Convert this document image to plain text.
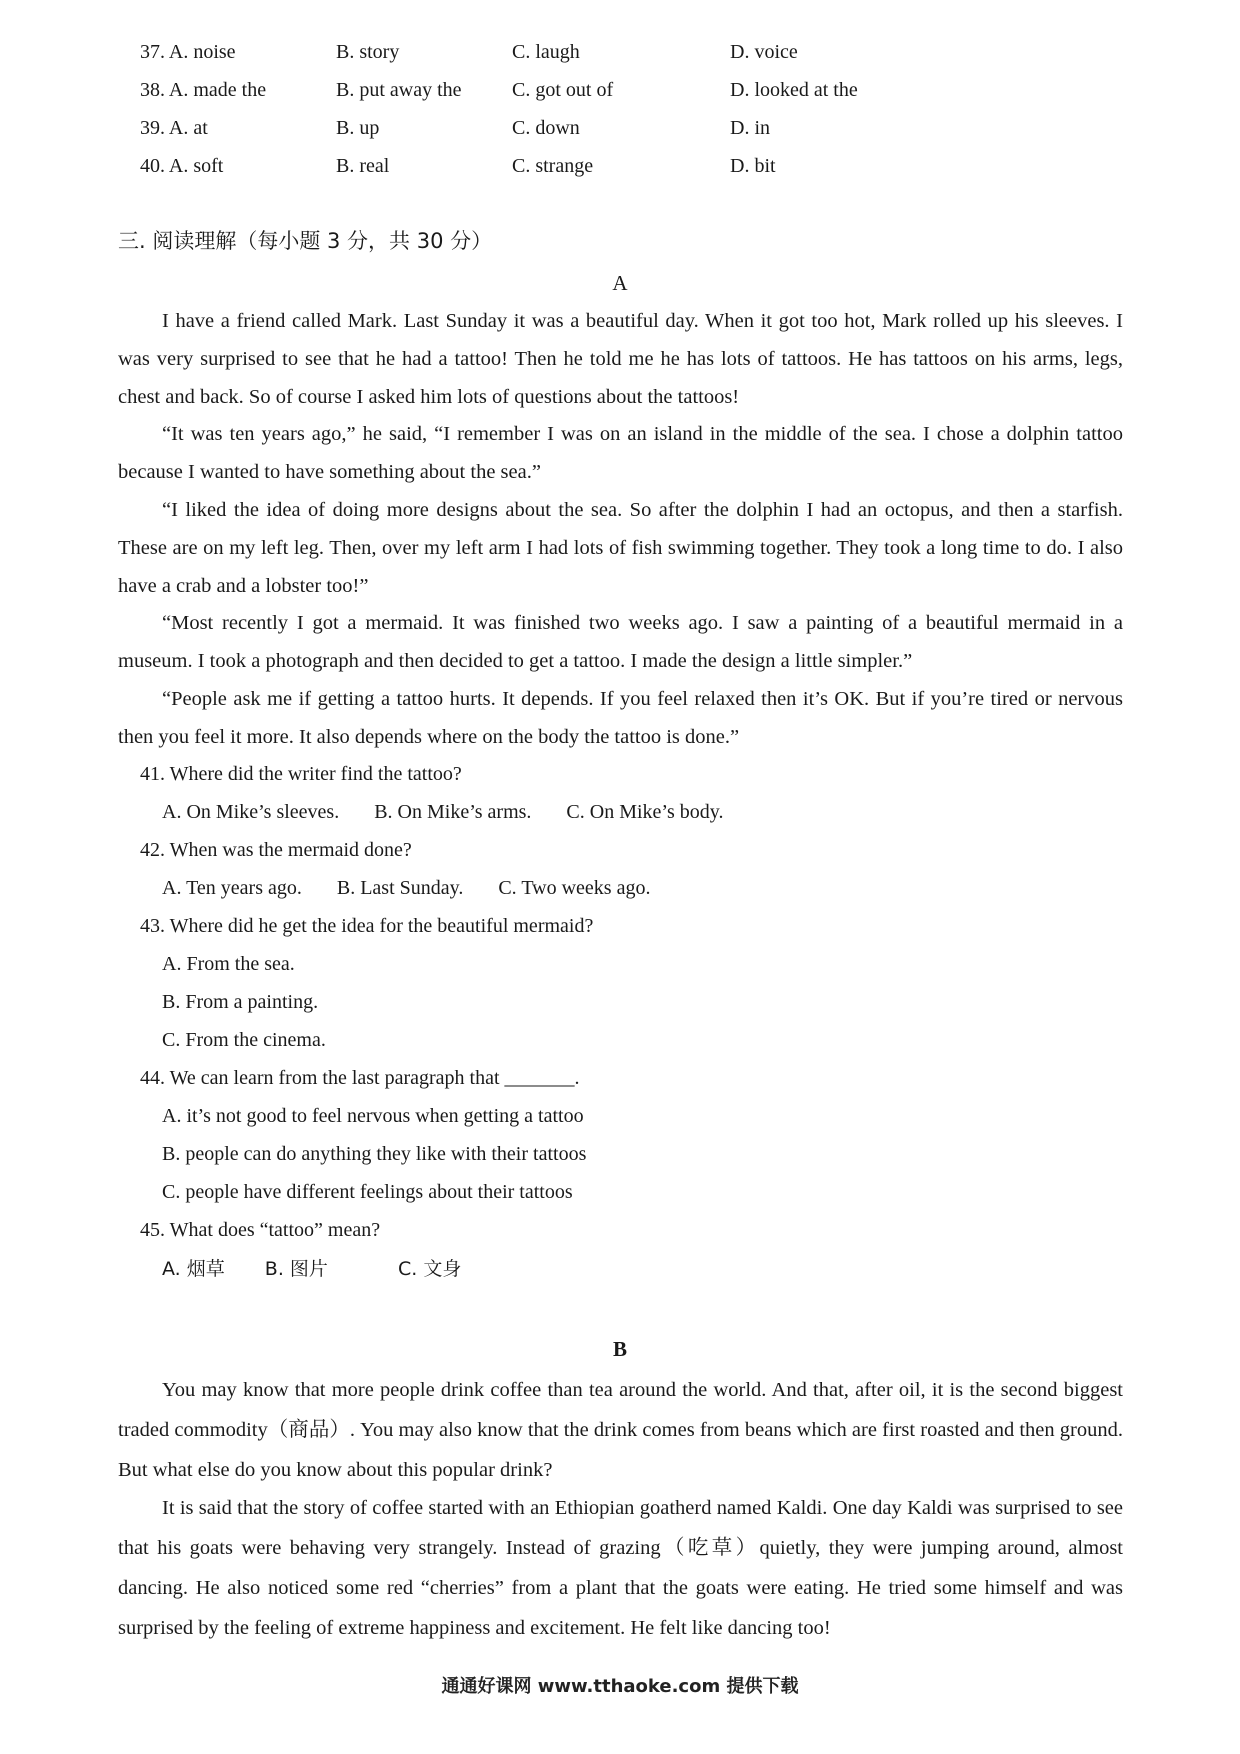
37. A. noise	B. story	C. laugh	D. voice
38. A. made the	B. put away the	C. got out of	D. looked at the
39. A. at	B. up	C. down	D. in
40. A. soft	B. real	C. strange	D. bit
三. 阅读理解（每小题 3 分，共 30 分）
A
I have a friend called Mark. Last Sunday it was a beautiful day. When it got too hot, Mark rolled up his sleeves. I was very surprised to see that he had a tattoo! Then he told me he has lots of tattoos. He has tattoos on his arms, legs, chest and back. So of course I asked him lots of questions about the tattoos!
“It was ten years ago,” he said, “I remember I was on an island in the middle of the sea. I chose a dolphin tattoo because I wanted to have something about the sea.”
“I liked the idea of doing more designs about the sea. So after the dolphin I had an octopus, and then a starfish. These are on my left leg. Then, over my left arm I had lots of fish swimming together. They took a long time to do. I also have a crab and a lobster too!”
“Most recently I got a mermaid. It was finished two weeks ago. I saw a painting of a beautiful mermaid in a museum. I took a photograph and then decided to get a tattoo. I made the design a little simpler.”
“People ask me if getting a tattoo hurts. It depends. If you feel relaxed then it’s OK. But if you’re tired or nervous then you feel it more. It also depends where on the body the tattoo is done.”
41. Where did the writer find the tattoo?
A. On Mike’s sleeves. B. On Mike’s arms. C. On Mike’s body.
42. When was the mermaid done?
A. Ten years ago. B. Last Sunday. C. Two weeks ago.
43. Where did he get the idea for the beautiful mermaid?
A. From the sea.
B. From a painting.
C. From the cinema.
44. We can learn from the last paragraph that _______.
A. it’s not good to feel nervous when getting a tattoo
B. people can do anything they like with their tattoos
C. people have different feelings about their tattoos
45. What does “tattoo” mean?
A. 烟草 B. 图片	C. 文身
B
You may know that more people drink coffee than tea around the world. And that, after oil, it is the second biggest traded commodity（商品）. You may also know that the drink comes from beans which are first roasted and then ground. But what else do you know about this popular drink?
It is said that the story of coffee started with an Ethiopian goatherd named Kaldi. One day Kaldi was surprised to see that his goats were behaving very strangely. Instead of grazing（吃草）quietly, they were jumping around, almost dancing. He also noticed some red “cherries” from a plant that the goats were eating. He tried some himself and was surprised by the feeling of extreme happiness and excitement. He felt like dancing too!
通通好课网 www.tthaoke.com 提供下载
